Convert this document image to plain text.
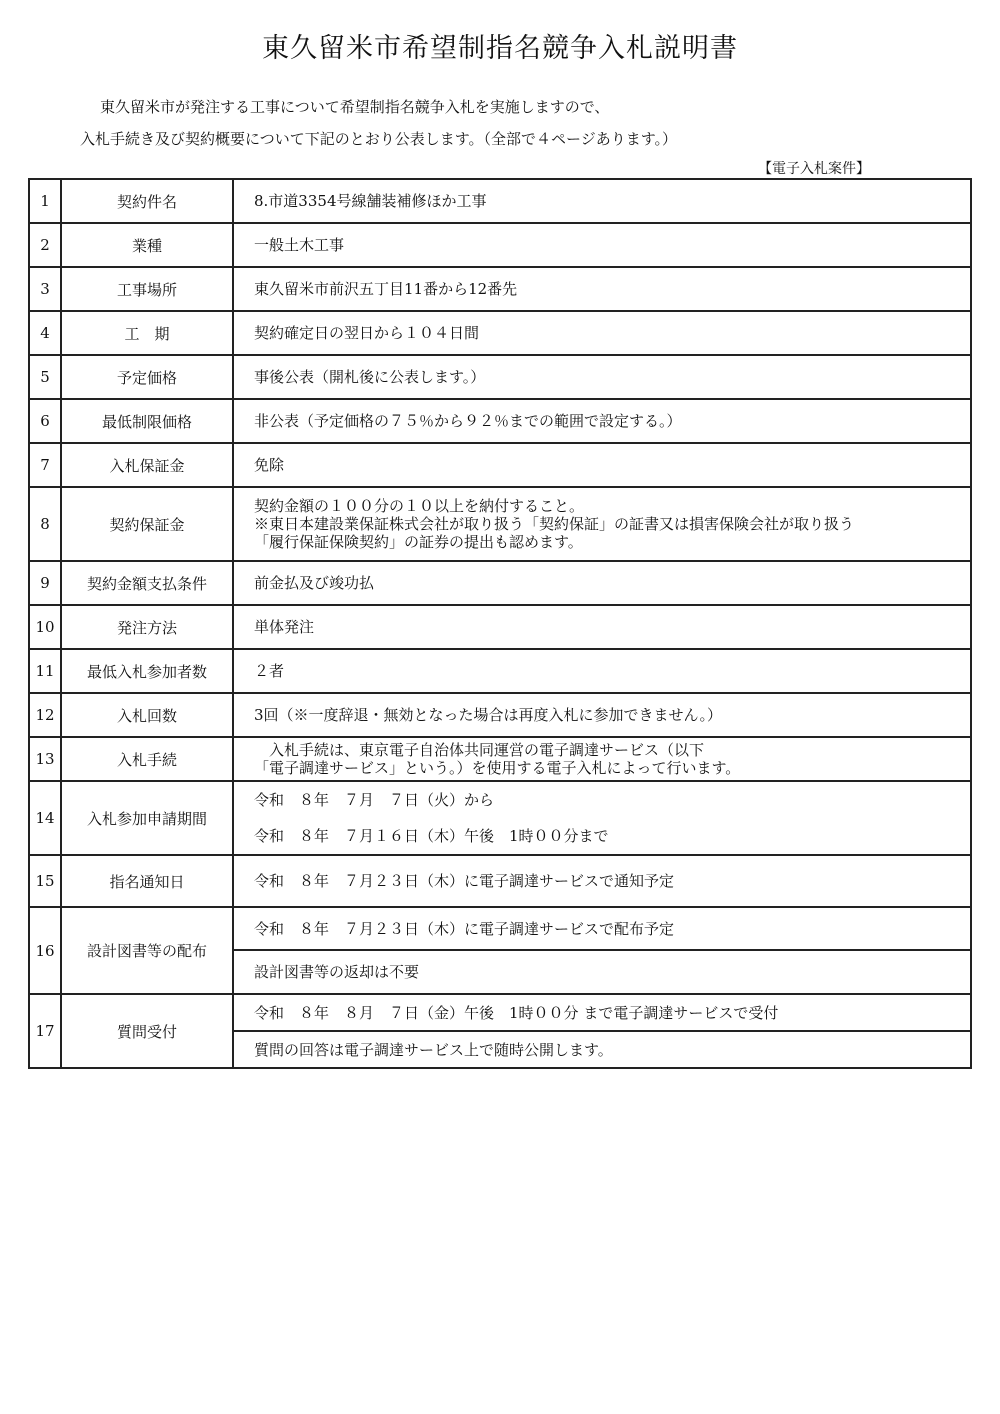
東久留米市希望制指名競争入札説明書
東久留米市が発注する工事について希望制指名競争入札を実施しますので、
入札手続き及び契約概要について下記のとおり公表します。（全部で４ページあります。）
【電子入札案件】
1	契約件名	8.市道3354号線舗装補修ほか工事
2	業種	一般土木工事
3	工事場所	東久留米市前沢五丁目11番から12番先
4	工　期	契約確定日の翌日から１０４日間
5	予定価格	事後公表（開札後に公表します。）
6	最低制限価格	非公表（予定価格の７５％から９２％までの範囲で設定する。）
7	入札保証金	免除
8	契約保証金	契約金額の１００分の１０以上を納付すること。
※東日本建設業保証株式会社が取り扱う「契約保証」の証書又は損害保険会社が取り扱う
「履行保証保険契約」の証券の提出も認めます。

9	契約金額支払条件	前金払及び竣功払
10	発注方法	単体発注
11	最低入札参加者数	２者
12	入札回数	3回（※一度辞退・無効となった場合は再度入札に参加できません。）
13	入札手続	　入札手続は、東京電子自治体共同運営の電子調達サービス（以下
「電子調達サービス」という。）を使用する電子入札によって行います。

14	入札参加申請期間	令和　８年　７月　７日（火）から
令和　８年　７月１６日（木）午後　1時００分まで

15	指名通知日	令和　８年　７月２３日（木）に電子調達サービスで通知予定
16	設計図書等の配布	令和　８年　７月２３日（木）に電子調達サービスで配布予定
		設計図書等の返却は不要
17	質問受付	令和　８年　８月　７日（金）午後　1時００分 まで電子調達サービスで受付
		質問の回答は電子調達サービス上で随時公開します。
